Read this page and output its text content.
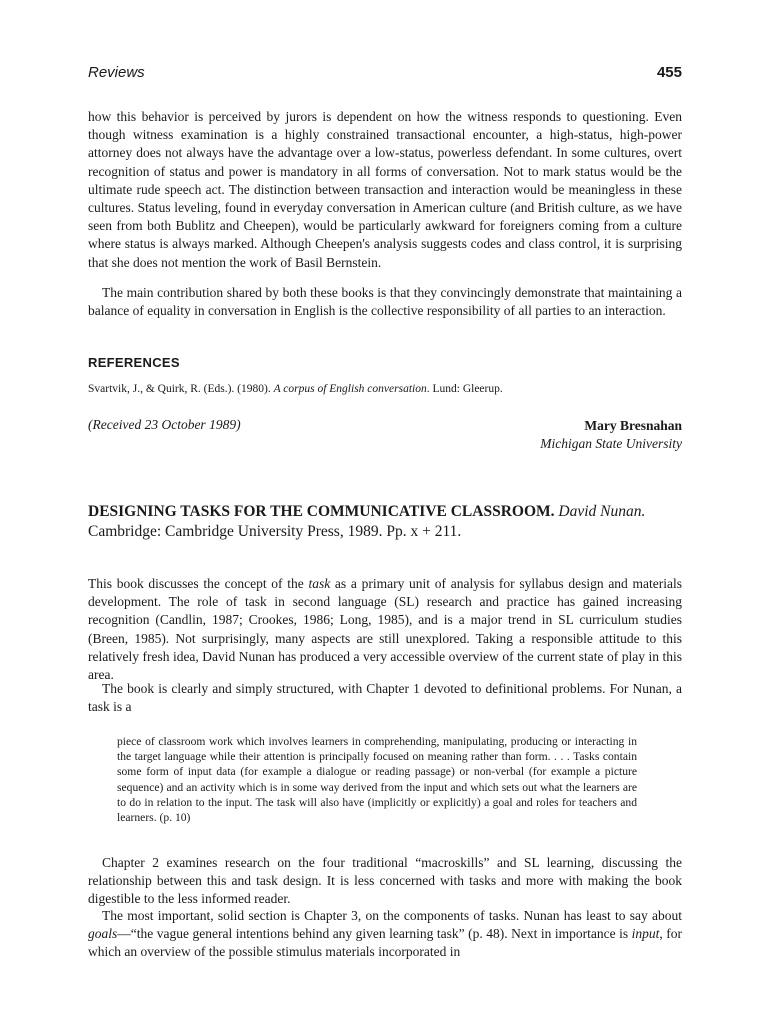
Reviews	455

how this behavior is perceived by jurors is dependent on how the witness responds to questioning. Even though witness examination is a highly constrained transactional encounter, a high-status, high-power attorney does not always have the advantage over a low-status, powerless defendant. In some cultures, overt recognition of status and power is mandatory in all forms of conversation. Not to mark status would be the ultimate rude speech act. The distinction between transaction and interaction would be meaningless in these cultures. Status leveling, found in everyday conversation in American culture (and British culture, as we have seen from both Bublitz and Cheepen), would be particularly awkward for foreigners coming from a culture where status is always marked. Although Cheepen's analysis suggests codes and class control, it is surprising that she does not mention the work of Basil Bernstein.

The main contribution shared by both these books is that they convincingly demonstrate that maintaining a balance of equality in conversation in English is the collective responsibility of all parties to an interaction.

REFERENCES
Svartvik, J., & Quirk, R. (Eds.). (1980). A corpus of English conversation. Lund: Gleerup.
(Received 23 October 1989)	Mary Bresnahan
Michigan State University
DESIGNING TASKS FOR THE COMMUNICATIVE CLASSROOM. David Nunan.
Cambridge: Cambridge University Press, 1989. Pp. x + 211.

This book discusses the concept of the task as a primary unit of analysis for syllabus design and materials development. The role of task in second language (SL) research and practice has gained increasing recognition (Candlin, 1987; Crookes, 1986; Long, 1985), and is a major trend in SL curriculum studies (Breen, 1985). Not surprisingly, many aspects are still unexplored. Taking a responsible attitude to this relatively fresh idea, David Nunan has produced a very accessible overview of the current state of play in this area.

The book is clearly and simply structured, with Chapter 1 devoted to definitional problems. For Nunan, a task is a

piece of classroom work which involves learners in comprehending, manipulating, producing or interacting in the target language while their attention is principally focused on meaning rather than form. . . . Tasks contain some form of input data (for example a dialogue or reading passage) or non-verbal (for example a picture sequence) and an activity which is in some way derived from the input and which sets out what the learners are to do in relation to the input. The task will also have (implicitly or explicitly) a goal and roles for teachers and learners. (p. 10)

Chapter 2 examines research on the four traditional “macroskills” and SL learning, discussing the relationship between this and task design. It is less concerned with tasks and more with making the book digestible to the less informed reader.

The most important, solid section is Chapter 3, on the components of tasks. Nunan has least to say about goals—“the vague general intentions behind any given learning task” (p. 48). Next in importance is input, for which an overview of the possible stimulus materials incorporated in
